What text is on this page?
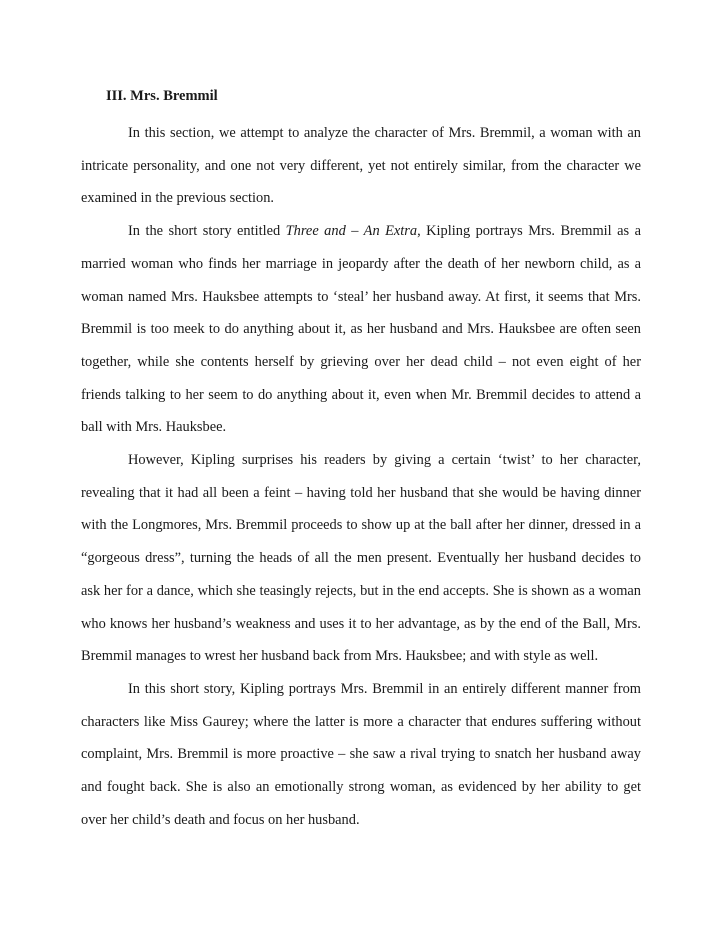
III. Mrs. Bremmil

In this section, we attempt to analyze the character of Mrs. Bremmil, a woman with an intricate personality, and one not very different, yet not entirely similar, from the character we examined in the previous section.

In the short story entitled Three and – An Extra, Kipling portrays Mrs. Bremmil as a married woman who finds her marriage in jeopardy after the death of her newborn child, as a woman named Mrs. Hauksbee attempts to ‘steal’ her husband away. At first, it seems that Mrs. Bremmil is too meek to do anything about it, as her husband and Mrs. Hauksbee are often seen together, while she contents herself by grieving over her dead child – not even eight of her friends talking to her seem to do anything about it, even when Mr. Bremmil decides to attend a ball with Mrs. Hauksbee.

However, Kipling surprises his readers by giving a certain ‘twist’ to her character, revealing that it had all been a feint – having told her husband that she would be having dinner with the Longmores, Mrs. Bremmil proceeds to show up at the ball after her dinner, dressed in a “gorgeous dress”, turning the heads of all the men present. Eventually her husband decides to ask her for a dance, which she teasingly rejects, but in the end accepts. She is shown as a woman who knows her husband’s weakness and uses it to her advantage, as by the end of the Ball, Mrs. Bremmil manages to wrest her husband back from Mrs. Hauksbee; and with style as well.

In this short story, Kipling portrays Mrs. Bremmil in an entirely different manner from characters like Miss Gaurey; where the latter is more a character that endures suffering without complaint, Mrs. Bremmil is more proactive – she saw a rival trying to snatch her husband away and fought back. She is also an emotionally strong woman, as evidenced by her ability to get over her child’s death and focus on her husband.
